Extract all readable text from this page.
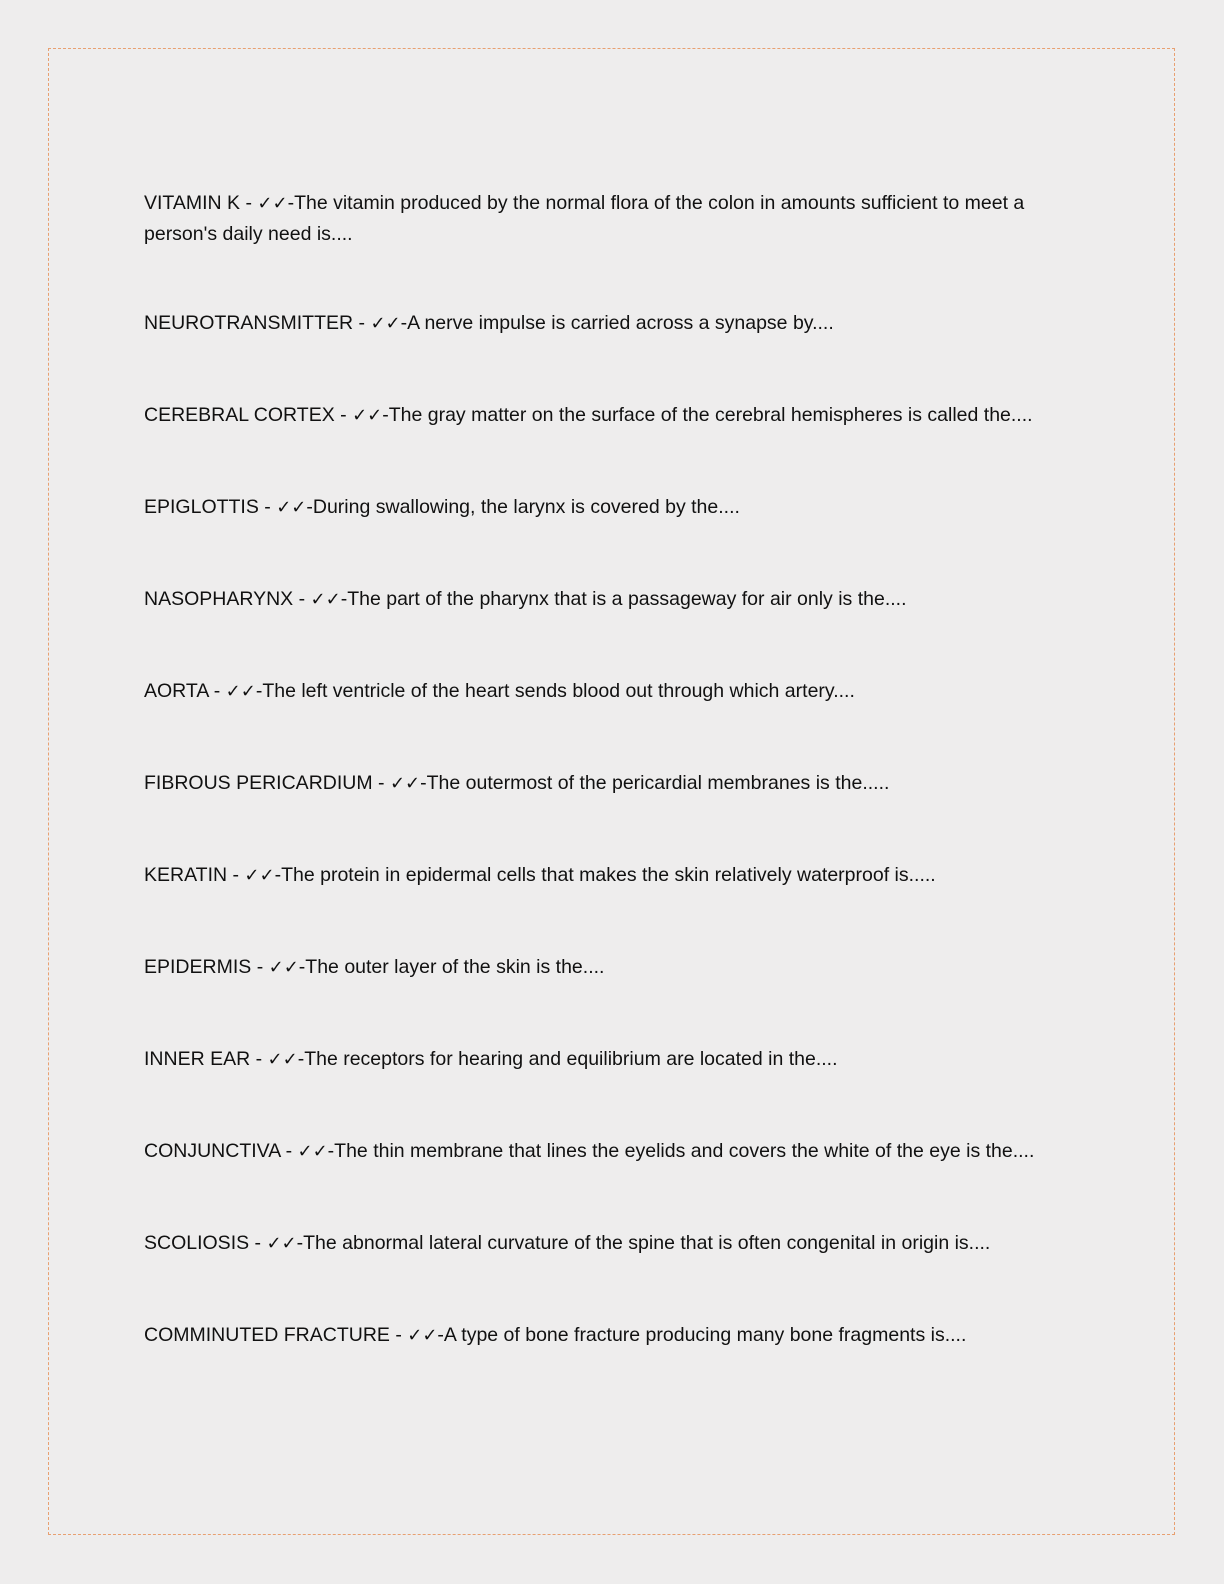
VITAMIN K - ✓✓-The vitamin produced by the normal flora of the colon in amounts sufficient to meet a person's daily need is....
NEUROTRANSMITTER - ✓✓-A nerve impulse is carried across a synapse by....
CEREBRAL CORTEX - ✓✓-The gray matter on the surface of the cerebral hemispheres is called the....
EPIGLOTTIS - ✓✓-During swallowing, the larynx is covered by the....
NASOPHARYNX - ✓✓-The part of the pharynx that is a passageway for air only is the....
AORTA - ✓✓-The left ventricle of the heart sends blood out through which artery....
FIBROUS PERICARDIUM - ✓✓-The outermost of the pericardial membranes is the.....
KERATIN - ✓✓-The protein in epidermal cells that makes the skin relatively waterproof is.....
EPIDERMIS - ✓✓-The outer layer of the skin is the....
INNER EAR - ✓✓-The receptors for hearing and equilibrium are located in the....
CONJUNCTIVA - ✓✓-The thin membrane that lines the eyelids and covers the white of the eye is the....
SCOLIOSIS - ✓✓-The abnormal lateral curvature of the spine that is often congenital in origin is....
COMMINUTED FRACTURE - ✓✓-A type of bone fracture producing many bone fragments is....
